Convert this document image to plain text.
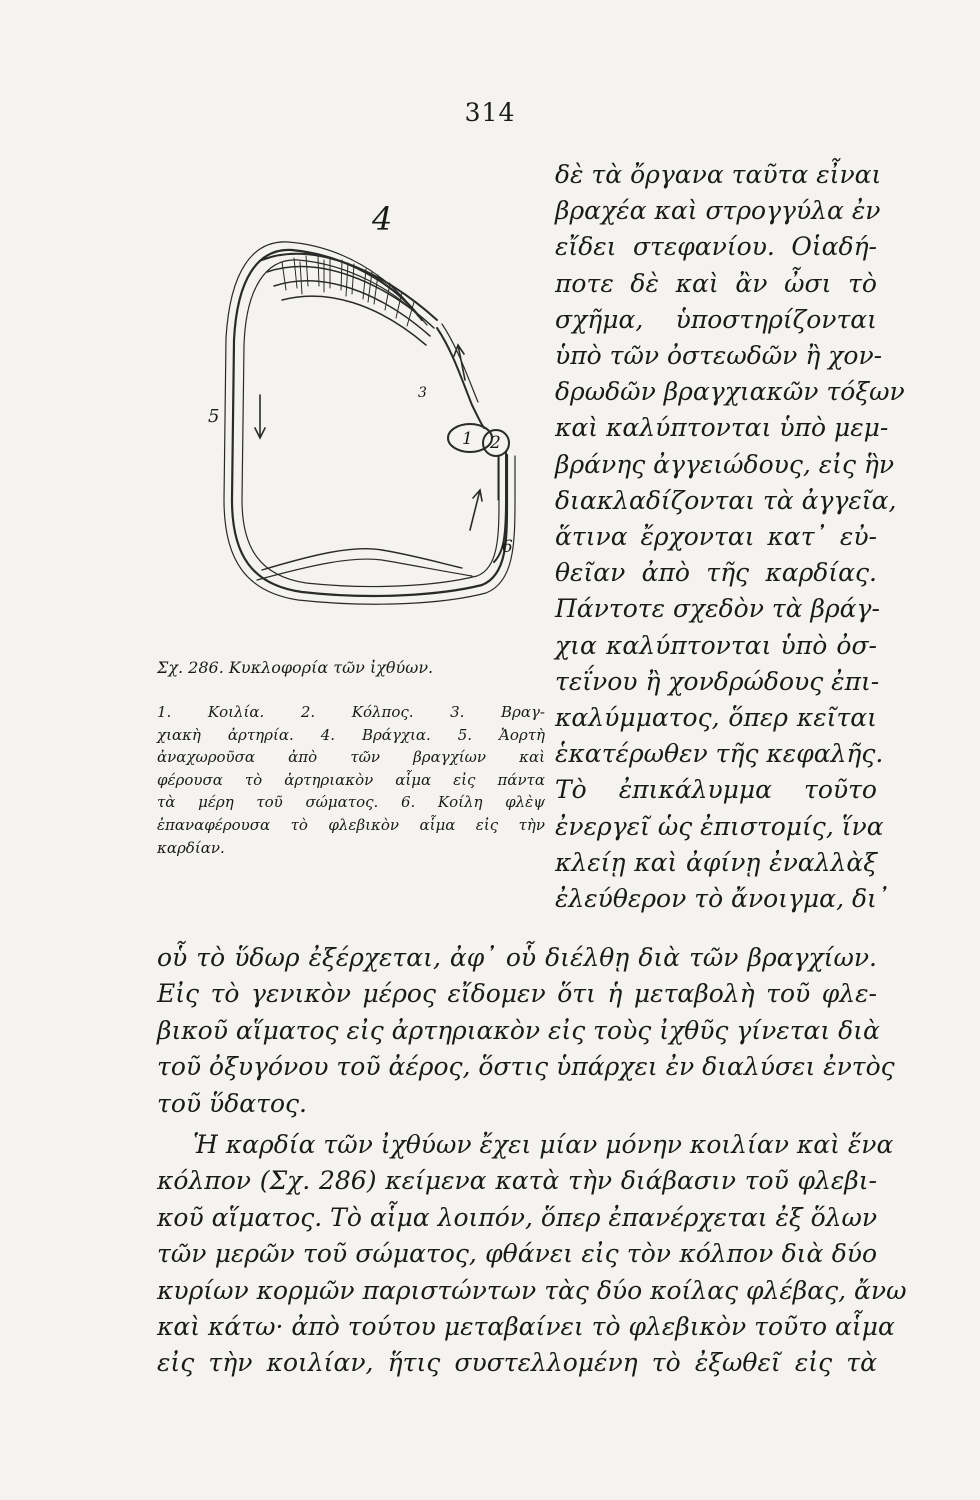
314
4
3
5
1 2
6
Σχ. 286. Κυκλοφορία τῶν ἰχθύων.
1. Κοιλία. 2. Κόλπος. 3. Βραγ-
χιακὴ ἀρτηρία. 4. Βράγχια. 5. Ἀορτὴ
ἀναχωροῦσα ἀπὸ τῶν βραγχίων καὶ
φέρουσα τὸ ἀρτηριακὸν αἷμα εἰς πάντα
τὰ μέρη τοῦ σώματος. 6. Κοίλη φλὲψ
ἐπαναφέρουσα τὸ φλεβικὸν αἷμα εἰς τὴν
καρδίαν.
δὲ τὰ ὄργανα ταῦτα εἶναι
βραχέα καὶ στρογγύλα ἐν
εἴδει στεφανίου. Οἱαδή-
ποτε δὲ καὶ ἂν ὦσι τὸ
σχῆμα, ὑποστηρίζονται
ὑπὸ τῶν ὀστεωδῶν ἢ χον-
δρωδῶν βραγχιακῶν τόξων
καὶ καλύπτονται ὑπὸ μεμ-
βράνης ἀγγειώδους, εἰς ἣν
διακλαδίζονται τὰ ἀγγεῖα,
ἅτινα ἔρχονται κατ᾽ εὐ-
θεῖαν ἀπὸ τῆς καρδίας.
Πάντοτε σχεδὸν τὰ βράγ-
χια καλύπτονται ὑπὸ ὀσ-
τεΐνου ἢ χονδρώδους ἐπι-
καλύμματος, ὅπερ κεῖται
ἑκατέρωθεν τῆς κεφαλῆς.
Τὸ ἐπικάλυμμα τοῦτο
ἐνεργεῖ ὡς ἐπιστομίς, ἵνα
κλείῃ καὶ ἀφίνῃ ἐναλλὰξ
ἐλεύθερον τὸ ἄνοιγμα, δι᾽
οὗ τὸ ὕδωρ ἐξέρχεται, ἀφ᾽ οὗ διέλθῃ διὰ τῶν βραγχίων.
Εἰς τὸ γενικὸν μέρος εἴδομεν ὅτι ἡ μεταβολὴ τοῦ φλε-
βικοῦ αἵματος εἰς ἀρτηριακὸν εἰς τοὺς ἰχθῦς γίνεται διὰ
τοῦ ὀξυγόνου τοῦ ἀέρος, ὅστις ὑπάρχει ἐν διαλύσει ἐντὸς
τοῦ ὕδατος.
Ἡ καρδία τῶν ἰχθύων ἔχει μίαν μόνην κοιλίαν καὶ ἕνα
κόλπον (Σχ. 286) κείμενα κατὰ τὴν διάβασιν τοῦ φλεβι-
κοῦ αἵματος. Τὸ αἷμα λοιπόν, ὅπερ ἐπανέρχεται ἐξ ὅλων
τῶν μερῶν τοῦ σώματος, φθάνει εἰς τὸν κόλπον διὰ δύο
κυρίων κορμῶν παριστώντων τὰς δύο κοίλας φλέβας, ἄνω
καὶ κάτω· ἀπὸ τούτου μεταβαίνει τὸ φλεβικὸν τοῦτο αἷμα
εἰς τὴν κοιλίαν, ἥτις συστελλομένη τὸ ἐξωθεῖ εἰς τὰ
